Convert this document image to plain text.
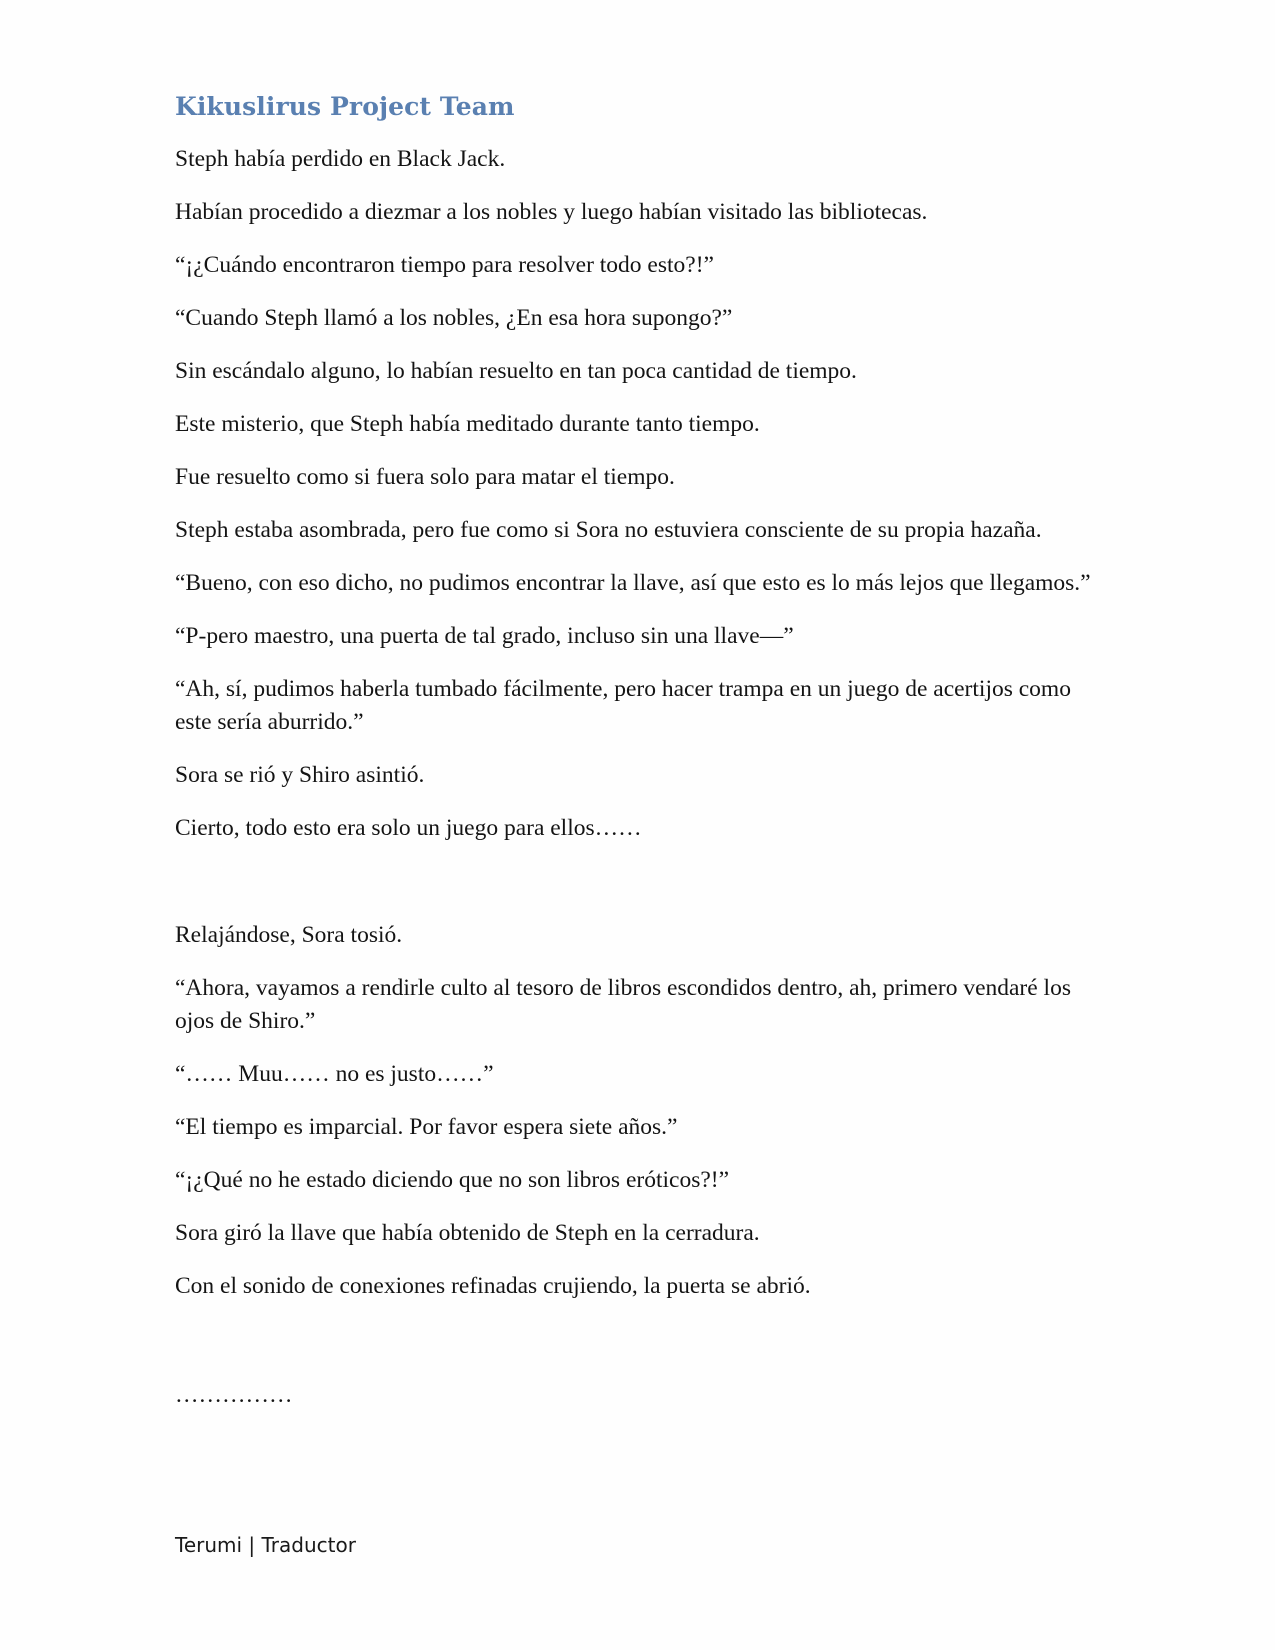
Kikuslirus Project Team

Steph había perdido en Black Jack.

Habían procedido a diezmar a los nobles y luego habían visitado las bibliotecas.

“¡¿Cuándo encontraron tiempo para resolver todo esto?!”

“Cuando Steph llamó a los nobles, ¿En esa hora supongo?”

Sin escándalo alguno, lo habían resuelto en tan poca cantidad de tiempo.

Este misterio, que Steph había meditado durante tanto tiempo.

Fue resuelto como si fuera solo para matar el tiempo.

Steph estaba asombrada, pero fue como si Sora no estuviera consciente de su propia hazaña.

“Bueno, con eso dicho, no pudimos encontrar la llave, así que esto es lo más lejos que llegamos.”

“P-pero maestro, una puerta de tal grado, incluso sin una llave—”

“Ah, sí, pudimos haberla tumbado fácilmente, pero hacer trampa en un juego de acertijos como este sería aburrido.”

Sora se rió y Shiro asintió.

Cierto, todo esto era solo un juego para ellos……

Relajándose, Sora tosió.

“Ahora, vayamos a rendirle culto al tesoro de libros escondidos dentro, ah, primero vendaré los ojos de Shiro.”

“…… Muu…… no es justo……”

“El tiempo es imparcial. Por favor espera siete años.”

“¡¿Qué no he estado diciendo que no son libros eróticos?!”

Sora giró la llave que había obtenido de Steph en la cerradura.

Con el sonido de conexiones refinadas crujiendo, la puerta se abrió.

……………

Terumi | Traductor
